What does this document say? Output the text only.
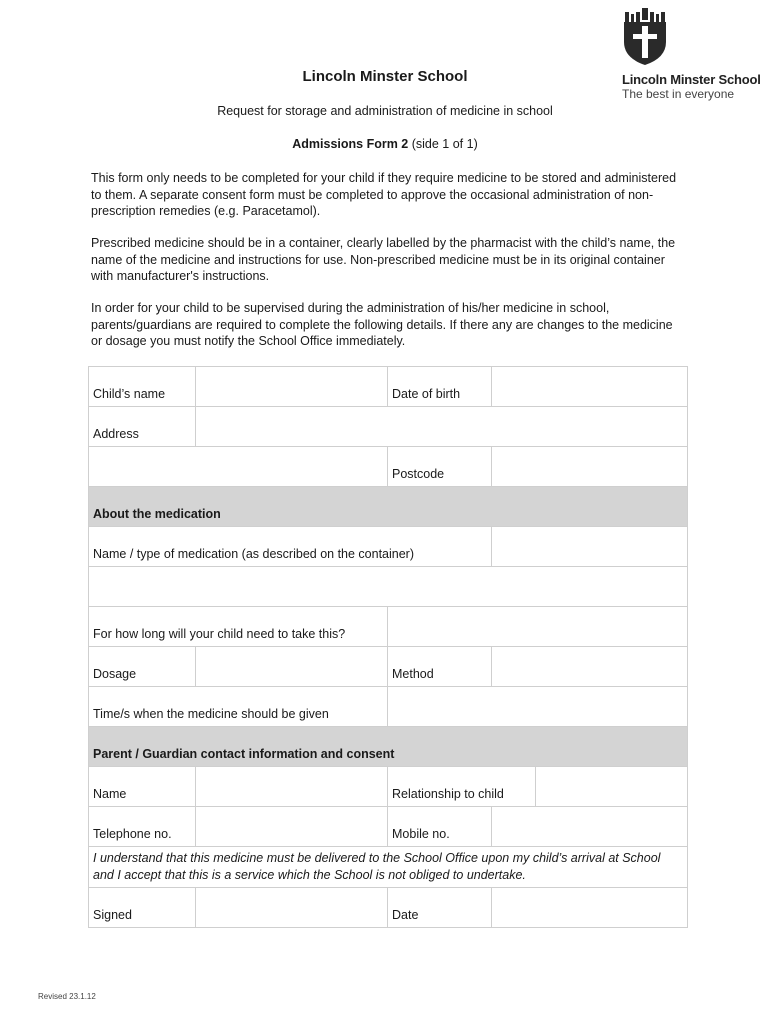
Lincoln Minster School
The best in everyone
Lincoln Minster School
Request for storage and administration of medicine in school
Admissions Form 2 (side 1 of 1)

This form only needs to be completed for your child if they require medicine to be stored and administered to them. A separate consent form must be completed to approve the occasional administration of non-prescription remedies (e.g. Paracetamol).

Prescribed medicine should be in a container, clearly labelled by the pharmacist with the child’s name, the name of the medicine and instructions for use. Non-prescribed medicine must be in its original container with manufacturer's instructions.

In order for your child to be supervised during the administration of his/her medicine in school, parents/guardians are required to complete the following details. If there any are changes to the medicine or dosage you must notify the School Office immediately.

Child’s name	Date of birth
Address
Postcode
About the medication
Name / type of medication (as described on the container)
For how long will your child need to take this?
Dosage	Method
Time/s when the medicine should be given
Parent / Guardian contact information and consent
Name	Relationship to child
Telephone no.	Mobile no.
I understand that this medicine must be delivered to the School Office upon my child’s arrival at School
and I accept that this is a service which the School is not obliged to undertake.
Signed	Date
Revised 23.1.12
